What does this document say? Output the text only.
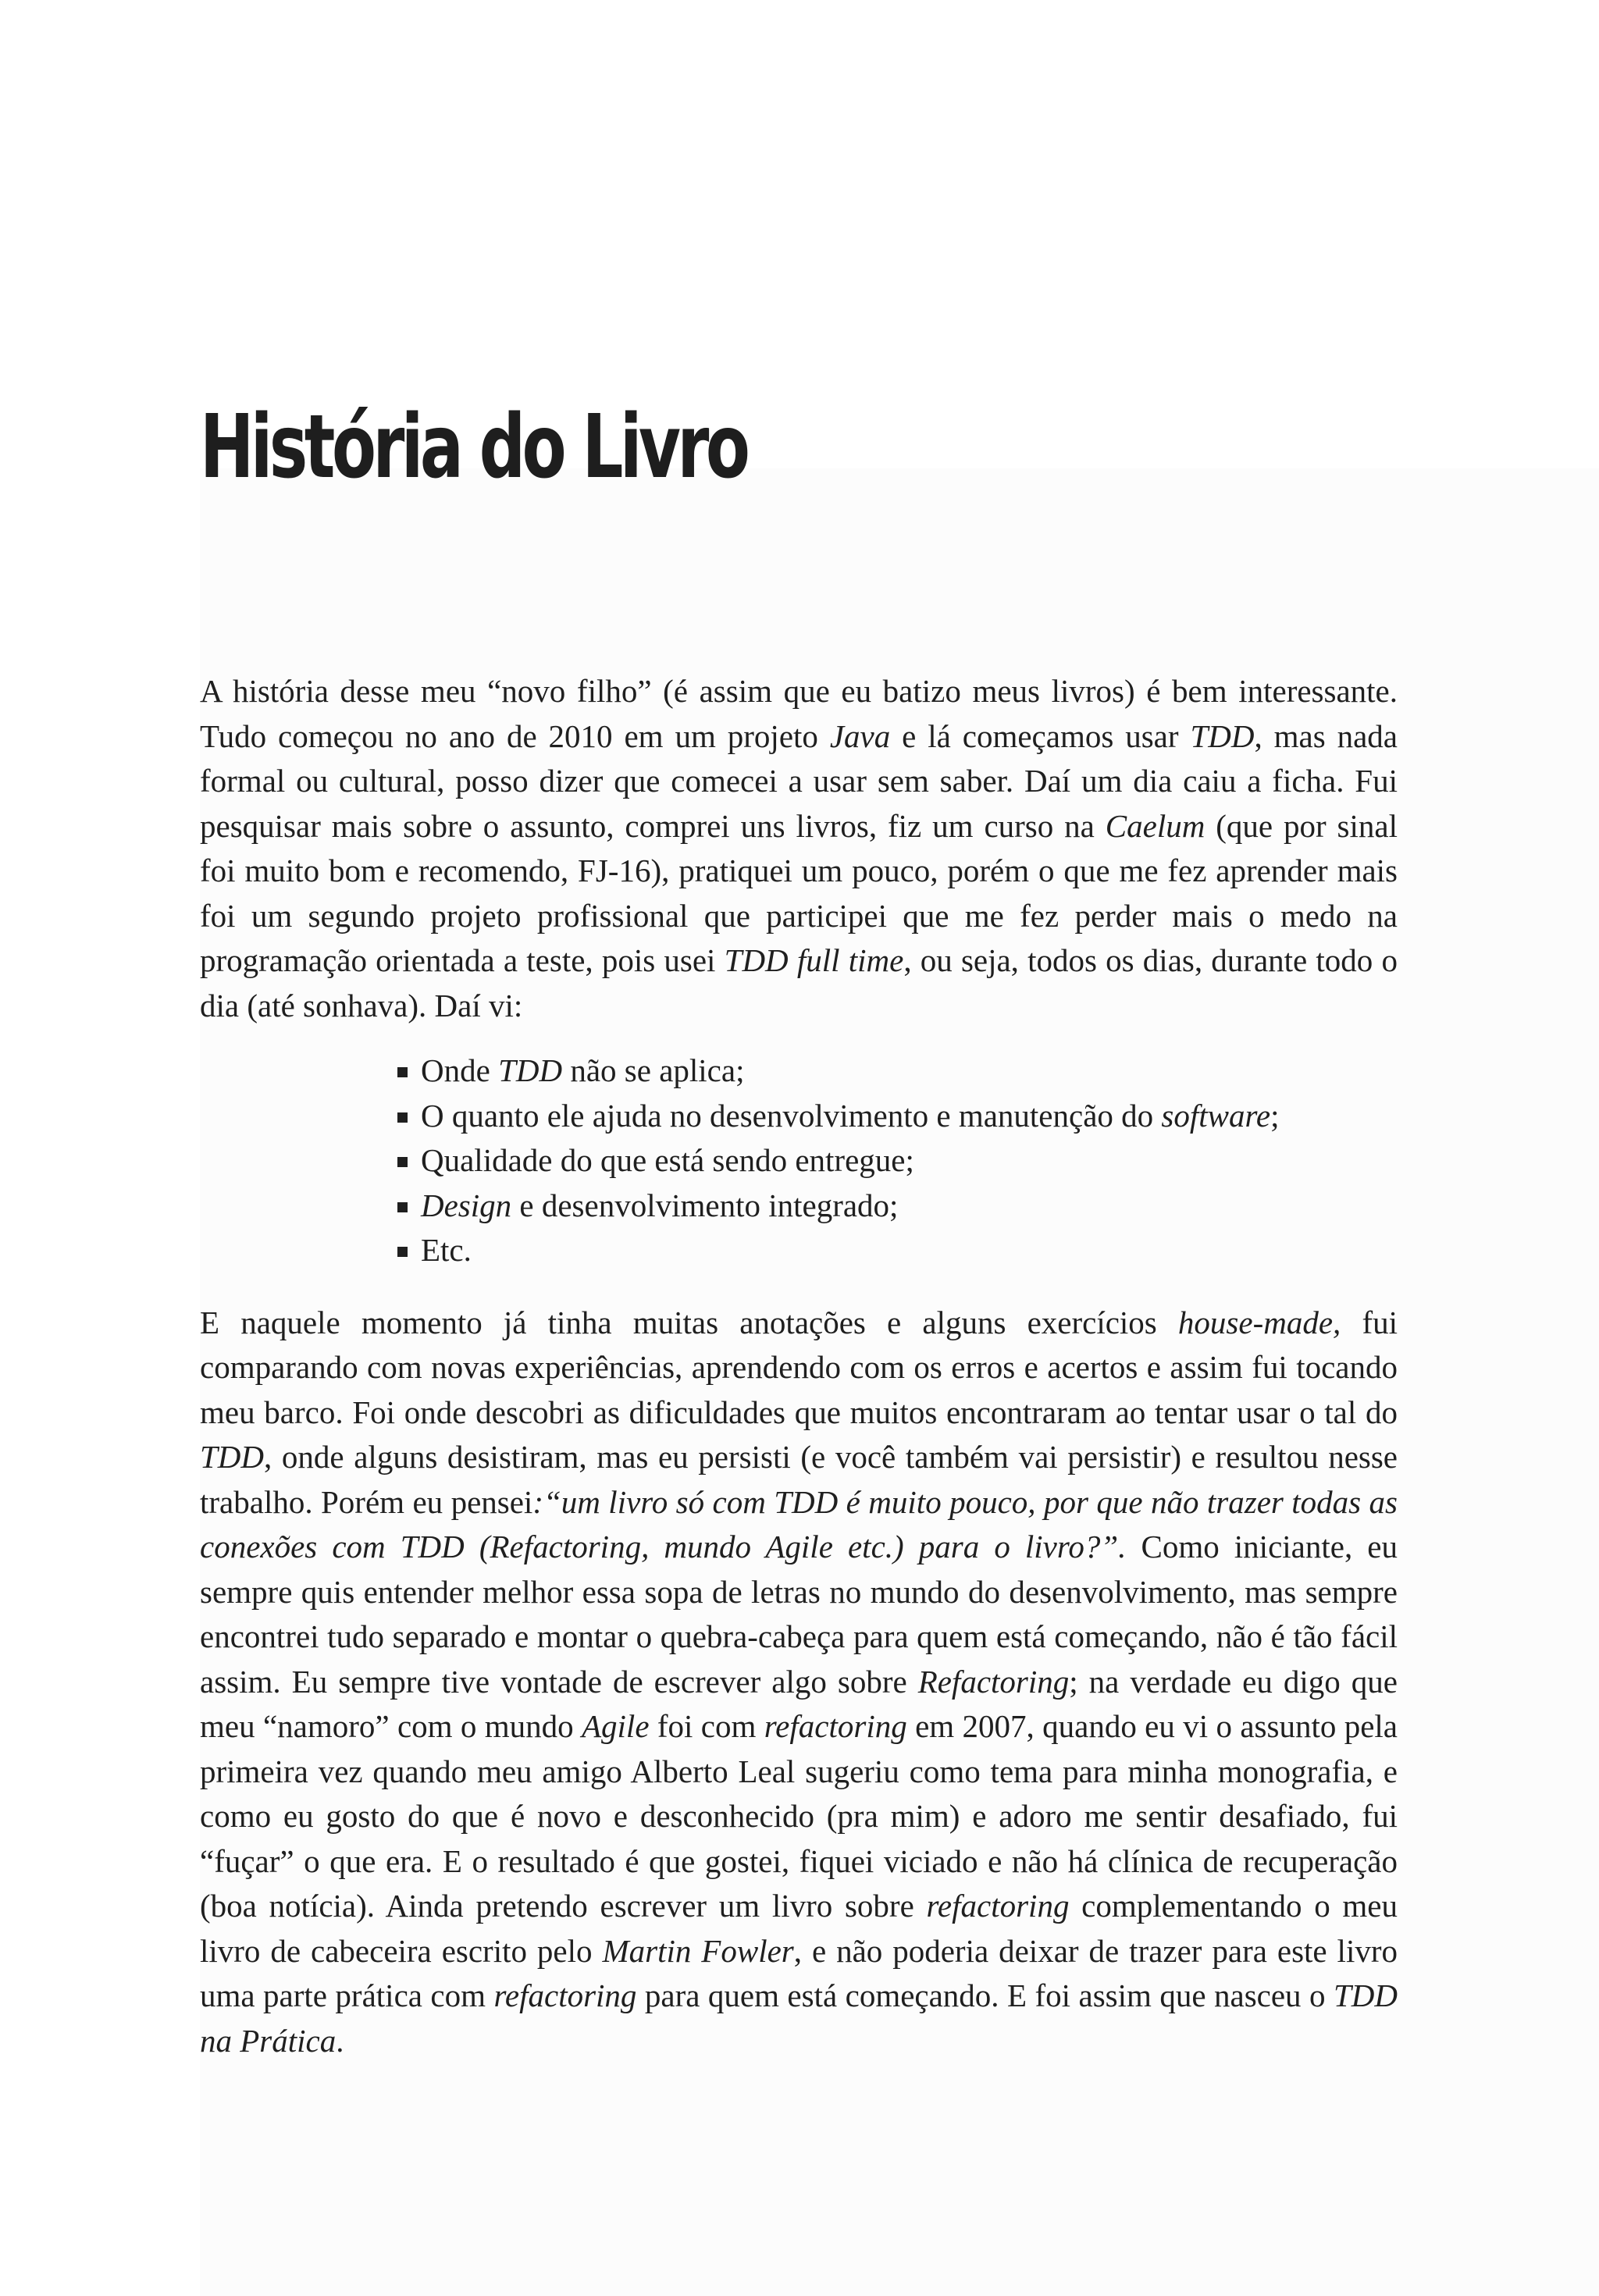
História do Livro

A história desse meu “novo filho” (é assim que eu batizo meus livros) é bem interessante. Tudo começou no ano de 2010 em um projeto Java e lá começamos usar TDD, mas nada formal ou cultural, posso dizer que comecei a usar sem saber. Daí um dia caiu a ficha. Fui pesquisar mais sobre o assunto, comprei uns livros, fiz um curso na Caelum (que por sinal foi muito bom e recomendo, FJ-16), pratiquei um pouco, porém o que me fez aprender mais foi um segundo projeto profissional que participei que me fez perder mais o medo na programação orientada a teste, pois usei TDD full time, ou seja, todos os dias, durante todo o dia (até sonhava). Daí vi:

Onde TDD não se aplica;
O quanto ele ajuda no desenvolvimento e manutenção do software;
Qualidade do que está sendo entregue;
Design e desenvolvimento integrado;
Etc.

E naquele momento já tinha muitas anotações e alguns exercícios house-made, fui comparando com novas experiências, aprendendo com os erros e acertos e assim fui tocando meu barco. Foi onde descobri as dificuldades que muitos encontraram ao tentar usar o tal do TDD, onde alguns desistiram, mas eu persisti (e você também vai persistir) e resultou nesse trabalho. Porém eu pensei:“um livro só com TDD é muito pouco, por que não trazer todas as conexões com TDD (Refactoring, mundo Agile etc.) para o livro?”. Como iniciante, eu sempre quis entender melhor essa sopa de letras no mundo do desenvolvimento, mas sempre encontrei tudo separado e montar o quebra-cabeça para quem está começando, não é tão fácil assim. Eu sempre tive vontade de escrever algo sobre Refactoring; na verdade eu digo que meu “namoro” com o mundo Agile foi com refactoring em 2007, quando eu vi o assunto pela primeira vez quando meu amigo Alberto Leal sugeriu como tema para minha monografia, e como eu gosto do que é novo e desconhecido (pra mim) e adoro me sentir desafiado, fui “fuçar” o que era. E o resultado é que gostei, fiquei viciado e não há clínica de recuperação (boa notícia). Ainda pretendo escrever um livro sobre refactoring complementando o meu livro de cabeceira escrito pelo Martin Fowler, e não poderia deixar de trazer para este livro uma parte prática com refactoring para quem está começando. E foi assim que nasceu o TDD na Prática.
